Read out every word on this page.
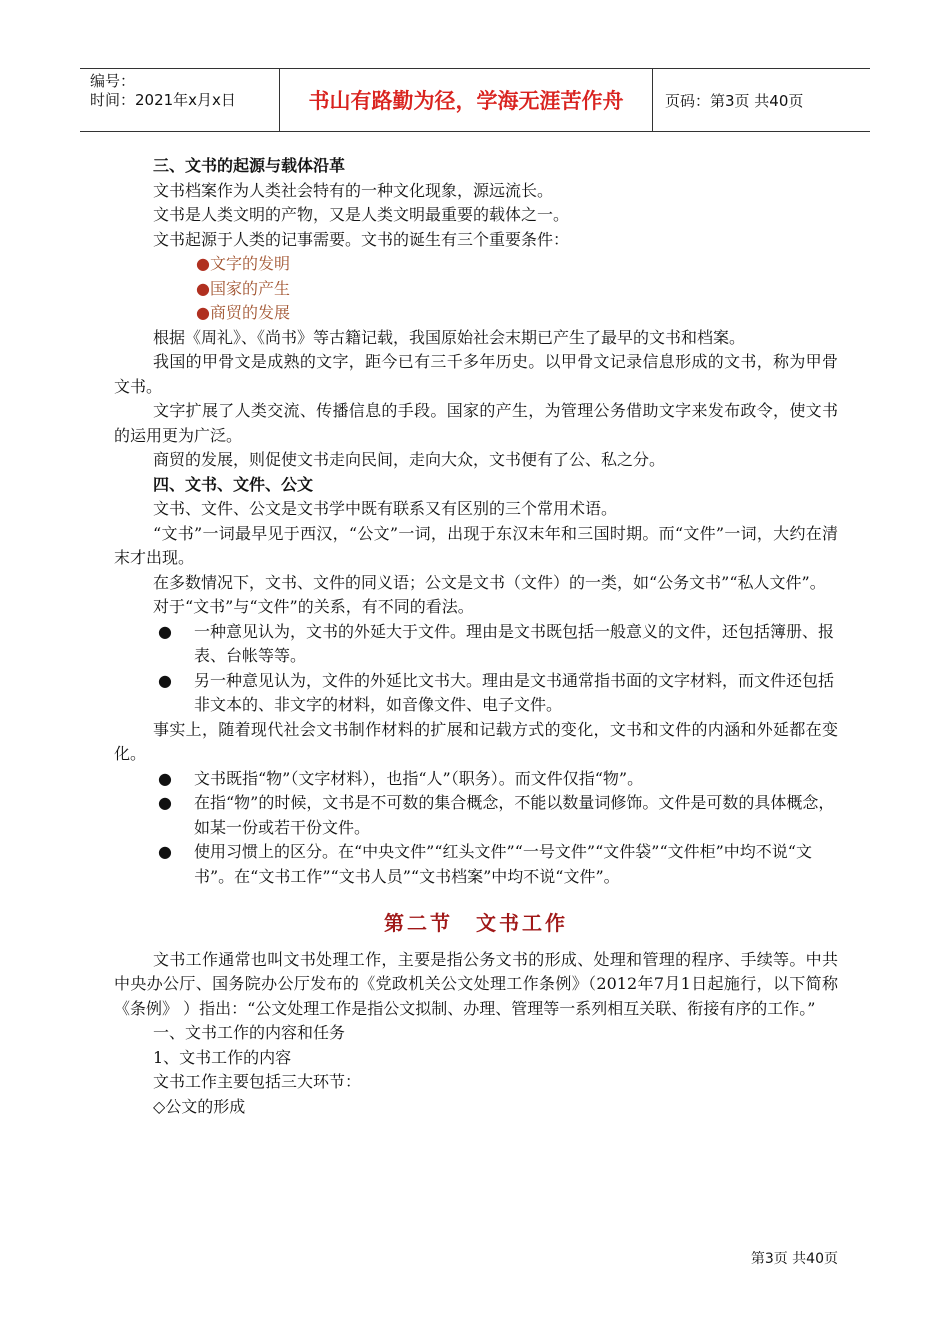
编号：
时间：2021年x月x日	书山有路勤为径，学海无涯苦作舟	页码：第3页 共40页

三、文书的起源与载体沿革

文书档案作为人类社会特有的一种文化现象，源远流长。

文书是人类文明的产物，又是人类文明最重要的载体之一。

文书起源于人类的记事需要。文书的诞生有三个重要条件：

●文字的发明

●国家的产生

●商贸的发展

根据《周礼》、《尚书》等古籍记载，我国原始社会末期已产生了最早的文书和档案。

我国的甲骨文是成熟的文字，距今已有三千多年历史。以甲骨文记录信息形成的文书，称为甲骨文书。

文字扩展了人类交流、传播信息的手段。国家的产生，为管理公务借助文字来发布政令，使文书的运用更为广泛。

商贸的发展，则促使文书走向民间，走向大众，文书便有了公、私之分。

四、文书、文件、公文

文书、文件、公文是文书学中既有联系又有区别的三个常用术语。

“文书”一词最早见于西汉，“公文”一词，出现于东汉末年和三国时期。而“文件”一词，大约在清末才出现。

在多数情况下，文书、文件的同义语；公文是文书（文件）的一类，如“公务文书”“私人文件”。

对于“文书”与“文件”的关系，有不同的看法。

●	一种意见认为，文书的外延大于文件。理由是文书既包括一般意义的文件，还包括簿册、报表、台帐等等。
●	另一种意见认为，文件的外延比文书大。理由是文书通常指书面的文字材料，而文件还包括非文本的、非文字的材料，如音像文件、电子文件。

事实上，随着现代社会文书制作材料的扩展和记载方式的变化，文书和文件的内涵和外延都在变化。

●	文书既指“物”（文字材料），也指“人”（职务）。而文件仅指“物”。
●	在指“物”的时候，文书是不可数的集合概念，不能以数量词修饰。文件是可数的具体概念，如某一份或若干份文件。
●	使用习惯上的区分。在“中央文件”“红头文件”“一号文件”“文件袋”“文件柜”中均不说“文书”。在“文书工作”“文书人员”“文书档案”中均不说“文件”。
第二节　文书工作

文书工作通常也叫文书处理工作，主要是指公务文书的形成、处理和管理的程序、手续等。中共中央办公厅、国务院办公厅发布的《党政机关公文处理工作条例》（2012年7月1日起施行，以下简称《条例》 ）指出：“公文处理工作是指公文拟制、办理、管理等一系列相互关联、衔接有序的工作。”

一、文书工作的内容和任务

1、文书工作的内容

文书工作主要包括三大环节：

◇公文的形成

第3页 共40页
